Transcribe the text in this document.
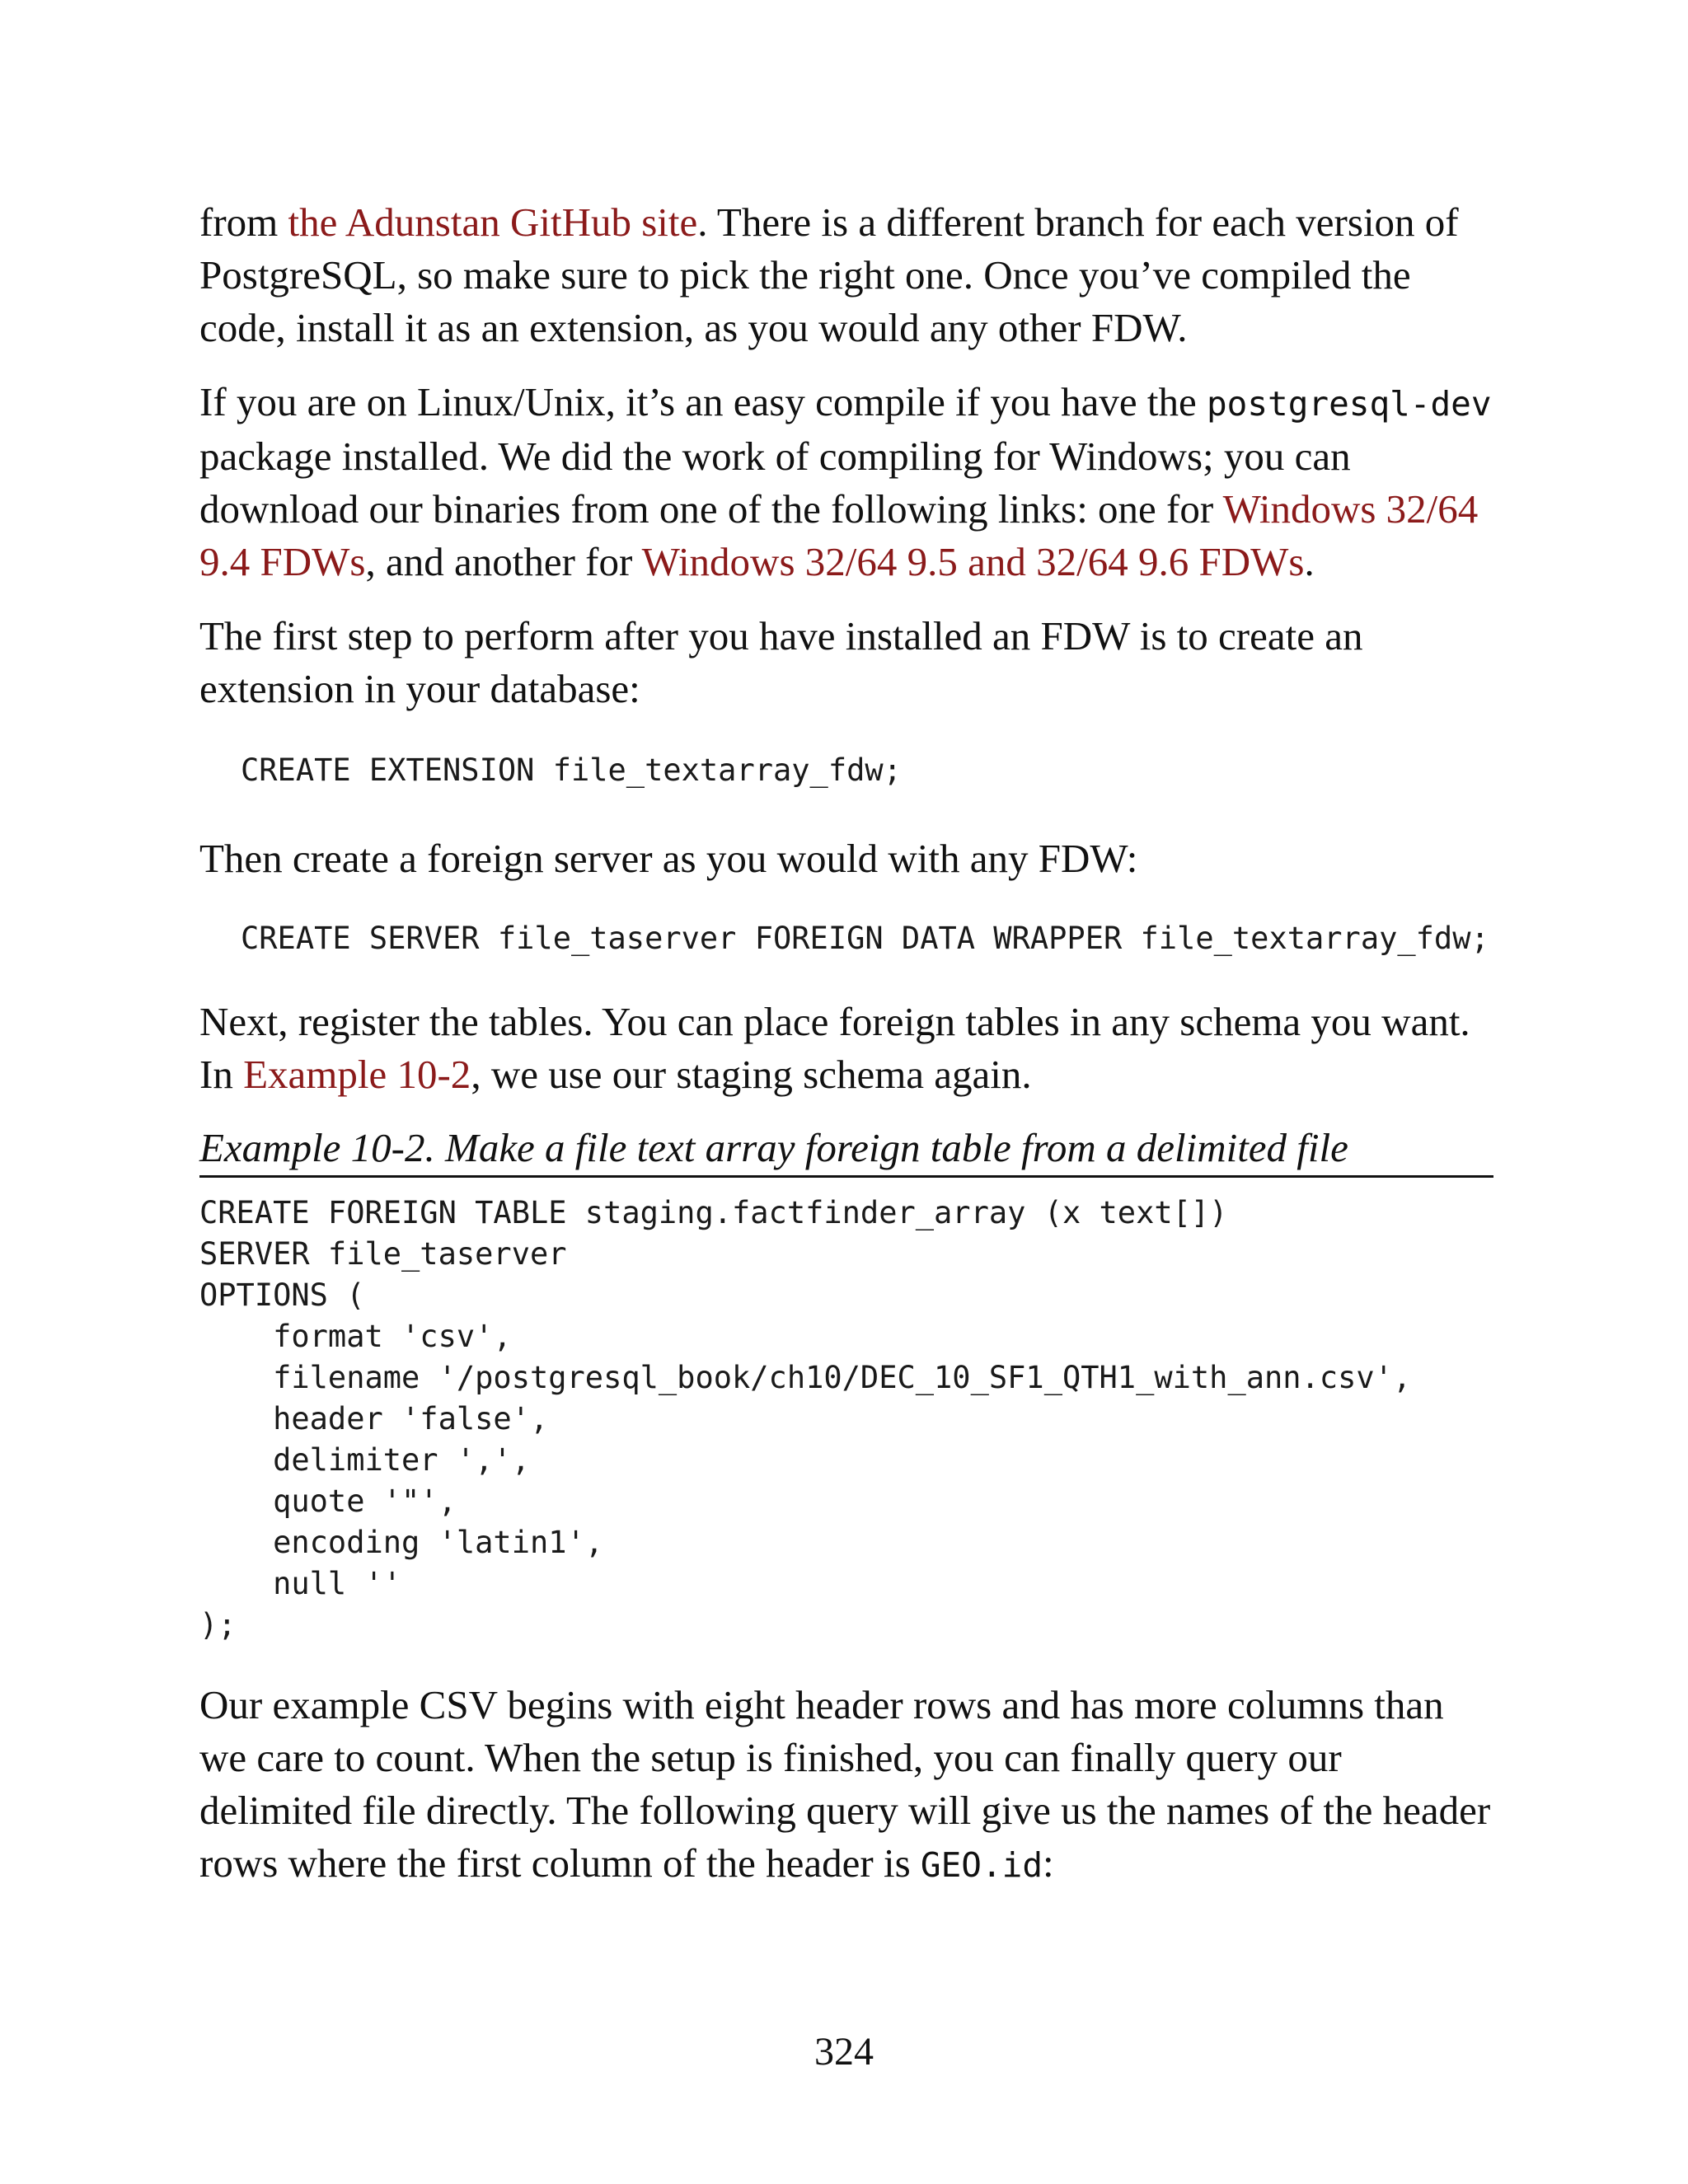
from the Adunstan GitHub site. There is a different branch for each version of PostgreSQL, so make sure to pick the right one. Once you’ve compiled the code, install it as an extension, as you would any other FDW.

If you are on Linux/Unix, it’s an easy compile if you have the postgresql-dev package installed. We did the work of compiling for Windows; you can download our binaries from one of the following links: one for Windows 32/64 9.4 FDWs, and another for Windows 32/64 9.5 and 32/64 9.6 FDWs.

The first step to perform after you have installed an FDW is to create an extension in your database:

CREATE EXTENSION file_textarray_fdw;

Then create a foreign server as you would with any FDW:

CREATE SERVER file_taserver FOREIGN DATA WRAPPER file_textarray_fdw;

Next, register the tables. You can place foreign tables in any schema you want. In Example 10-2, we use our staging schema again.

Example 10-2. Make a file text array foreign table from a delimited file
CREATE FOREIGN TABLE staging.factfinder_array (x text[])
SERVER file_taserver
OPTIONS (
format 'csv',
filename '/postgresql_book/ch10/DEC_10_SF1_QTH1_with_ann.csv',
header 'false',
delimiter ',',
quote '"',
encoding 'latin1',
null ''
);

Our example CSV begins with eight header rows and has more columns than we care to count. When the setup is finished, you can finally query our delimited file directly. The following query will give us the names of the header rows where the first column of the header is GEO.id:

324
